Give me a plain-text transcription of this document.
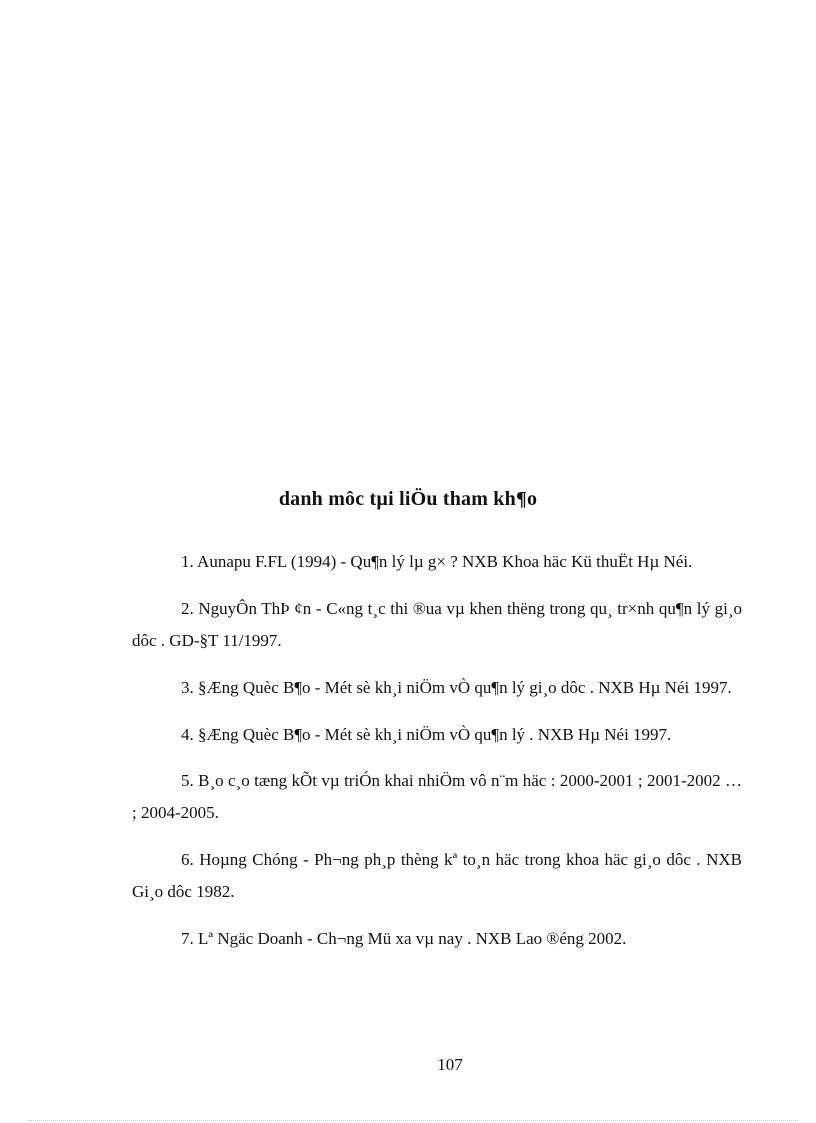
danh môc tµi liÖu tham kh¶o
1. Aunapu F.FL (1994) - Qu¶n lý lµ g× ? NXB Khoa häc Kü thuËt Hµ Néi.
2. NguyÔn ThÞ ¢n - C«ng t¸c thi ®ua vµ khen thëng trong qu¸ tr×nh qu¶n lý gi¸o dôc . GD-§T 11/1997.
3. §Æng Quèc B¶o - Mét sè kh¸i niÖm vÒ qu¶n lý gi¸o dôc . NXB Hµ Néi 1997.
4. §Æng Quèc B¶o - Mét sè kh¸i niÖm vÒ qu¶n lý . NXB Hµ Néi 1997.
5. B¸o c¸o tæng kÕt vµ triÓn khai nhiÖm vô n¨m häc : 2000-2001 ; 2001-2002 … ; 2004-2005.
6. Hoµng Chóng - Ph¬ng ph¸p thèng kª to¸n häc trong khoa häc gi¸o dôc . NXB Gi¸o dôc 1982.
7. Lª Ngäc Doanh - Ch¬ng Mü xa vµ nay . NXB Lao ®éng 2002.
107
